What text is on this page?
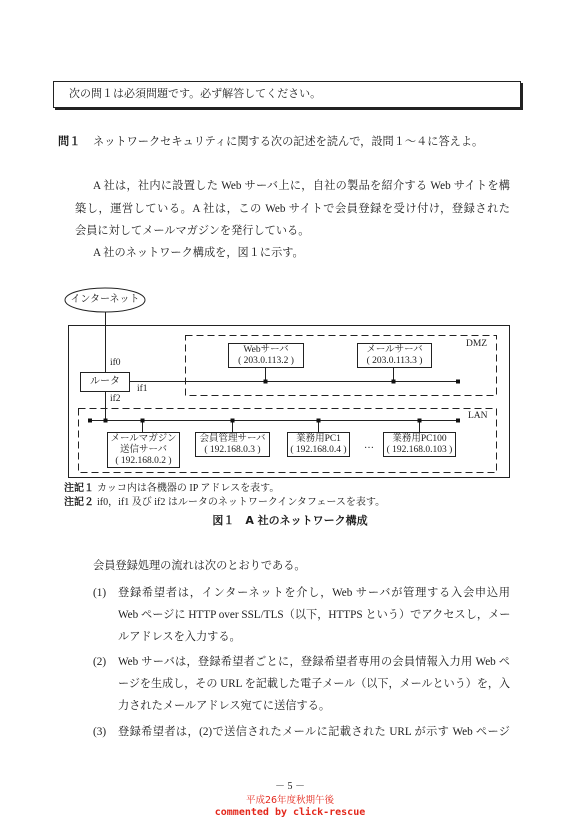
次の問１は必須問題です。必ず解答してください。
問１	ネットワークセキュリティに関する次の記述を読んで，設問１～４に答えよ。
A 社は，社内に設置した Web サーバ上に，自社の製品を紹介する Web サイトを構
築し，運営している。A 社は，この Web サイトで会員登録を受け付け，登録された
会員に対してメールマガジンを発行している。
A 社のネットワーク構成を，図１に示す。
インターネット
if0
ルータ
if1
if2
DMZ
LAN
Webサーバ
( 203.0.113.2 )
メールサーバ
( 203.0.113.3 )
メールマガジン
送信サーバ
( 192.168.0.2 )
会員管理サーバ
( 192.168.0.3 )
業務用PC1
( 192.168.0.4 ) …
業務用PC100
( 192.168.0.103 )
注記１ カッコ内は各機器の IP アドレスを表す。
注記２ if0，if1 及び if2 はルータのネットワークインタフェースを表す。
図１　A 社のネットワーク構成
会員登録処理の流れは次のとおりである。
(1) 登録希望者は，インターネットを介し，Web サーバが管理する入会申込用
Web ページに HTTP over SSL/TLS（以下，HTTPS という）でアクセスし，メー
ルアドレスを入力する。
(2) Web サーバは，登録希望者ごとに，登録希望者専用の会員情報入力用 Web ペ
ージを生成し，その URL を記載した電子メール（以下，メールという）を，入
力されたメールアドレス宛てに送信する。
(3) 登録希望者は，(2)で送信されたメールに記載された URL が示す Web ページ
－ 5 －
平成26年度秋期午後
commented by click-rescue
